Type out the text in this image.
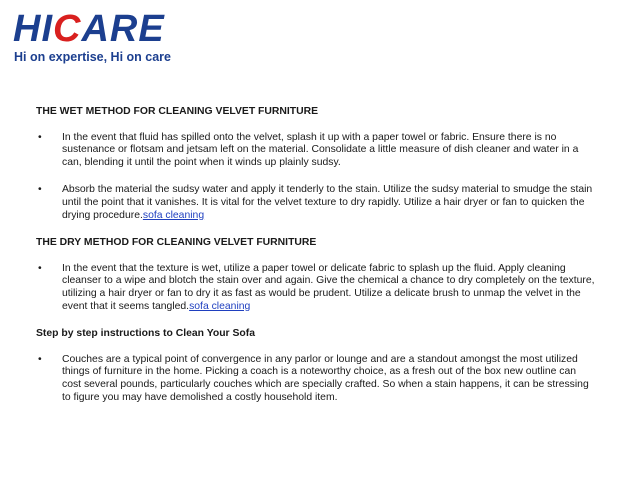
HICARE
Hi on expertise, Hi on care
THE WET METHOD FOR CLEANING VELVET FURNITURE
• In the event that fluid has spilled onto the velvet, splash it up with a paper towel or fabric. Ensure there is no sustenance or flotsam and jetsam left on the material. Consolidate a little measure of dish cleaner and water in a can, blending it until the point when it winds up plainly sudsy.
• Absorb the material the sudsy water and apply it tenderly to the stain. Utilize the sudsy material to smudge the stain until the point that it vanishes. It is vital for the velvet texture to dry rapidly. Utilize a hair dryer or fan to quicken the drying procedure.sofa cleaning
THE DRY METHOD FOR CLEANING VELVET FURNITURE
• In the event that the texture is wet, utilize a paper towel or delicate fabric to splash up the fluid. Apply cleaning cleanser to a wipe and blotch the stain over and again. Give the chemical a chance to dry completely on the texture, utilizing a hair dryer or fan to dry it as fast as would be prudent. Utilize a delicate brush to unmap the velvet in the event that it seems tangled.sofa cleaning
Step by step instructions to Clean Your Sofa
• Couches are a typical point of convergence in any parlor or lounge and are a standout amongst the most utilized things of furniture in the home. Picking a coach is a noteworthy choice, as a fresh out of the box new outline can cost several pounds, particularly couches which are specially crafted. So when a stain happens, it can be stressing to figure you may have demolished a costly household item.
